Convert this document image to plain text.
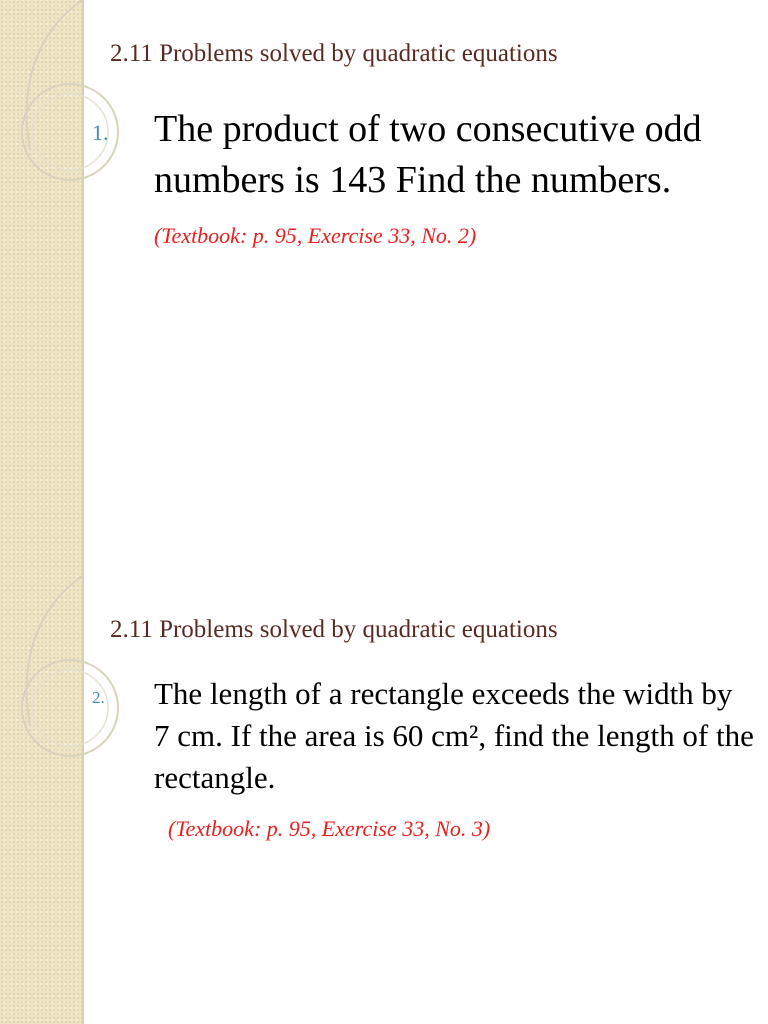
2.11 Problems solved by quadratic equations
1. The product of two consecutive odd numbers is 143 Find the numbers. (Textbook: p. 95, Exercise 33, No. 2)

2.11 Problems solved by quadratic equations
2. The length of a rectangle exceeds the width by 7 cm. If the area is 60 cm², find the length of the rectangle.

(Textbook: p. 95, Exercise 33, No. 3)
